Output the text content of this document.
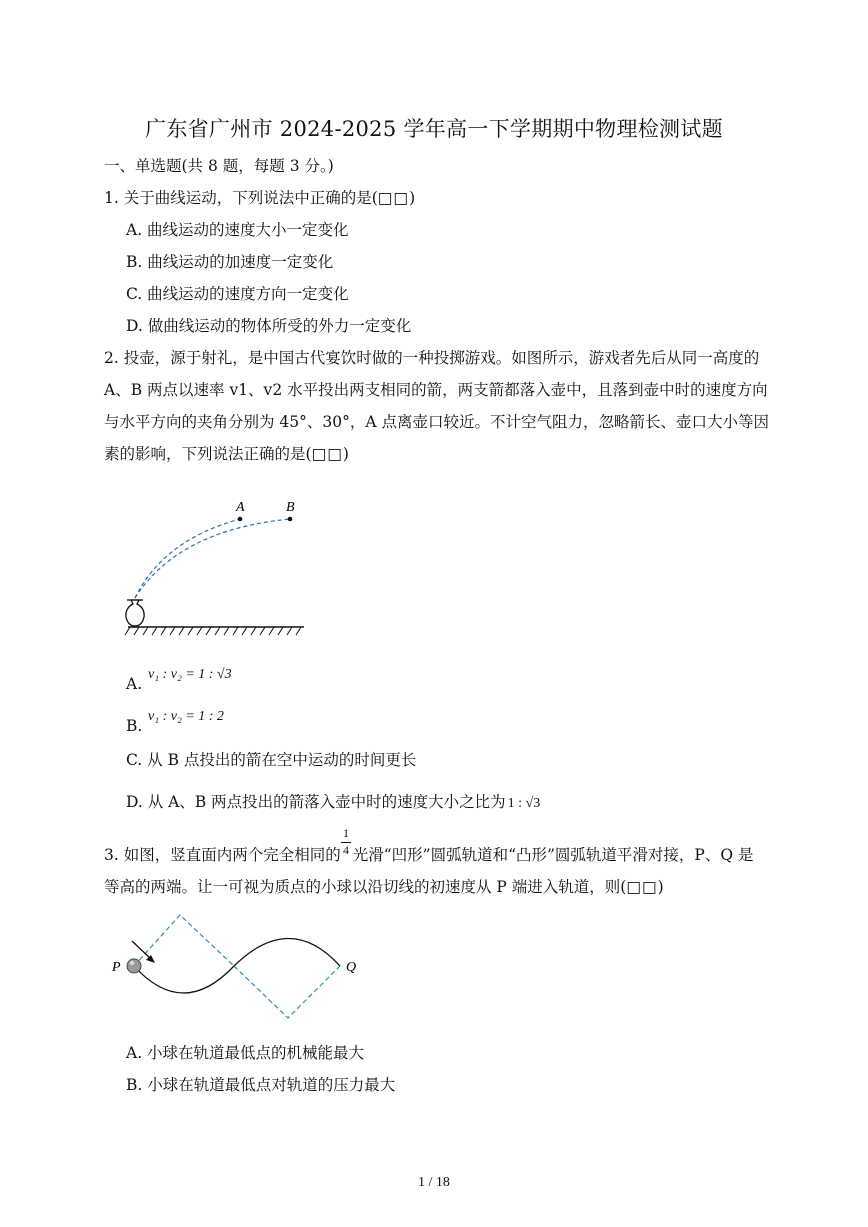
广东省广州市 2024-2025 学年高一下学期期中物理检测试题
一、单选题(共 8 题，每题 3 分。)
1. 关于曲线运动，下列说法中正确的是(□□)
A. 曲线运动的速度大小一定变化
B. 曲线运动的加速度一定变化
C. 曲线运动的速度方向一定变化
D. 做曲线运动的物体所受的外力一定变化
2. 投壶，源于射礼，是中国古代宴饮时做的一种投掷游戏。如图所示，游戏者先后从同一高度的
A、B 两点以速率 v1、v2 水平投出两支相同的箭，两支箭都落入壶中，且落到壶中时的速度方向
与水平方向的夹角分别为 45°、30°，A 点离壶口较近。不计空气阻力，忽略箭长、壶口大小等因
素的影响，下列说法正确的是(□□)
A	B
A.
v₁ : v₂ = 1 : √3
B.
v₁ : v₂ = 1 : 2
C. 从 B 点投出的箭在空中运动的时间更长
D. 从 A、B 两点投出的箭落入壶中时的速度大小之比为 1 : √3
$\frac{1}{4}$
3. 如图，竖直面内两个完全相同的 光滑“凹形”圆弧轨道和“凸形”圆弧轨道平滑对接，P、Q 是
等高的两端。让一可视为质点的小球以沿切线的初速度从 P 端进入轨道，则(□□)
P	Q
A. 小球在轨道最低点的机械能最大
B. 小球在轨道最低点对轨道的压力最大
1 / 18
